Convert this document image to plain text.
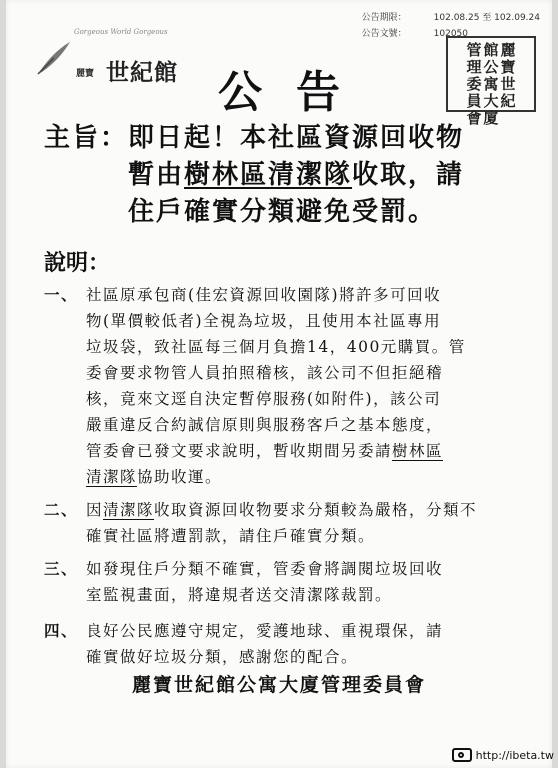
Gorgeous World Gorgeous
麗寶 世紀館
公告期限：	102.08.25 至 102.09.24
公告文號：	102050
麗
寶
世
紀
館
公
寓
大
廈
管
理
委
員
會
公告
主旨：即日起！本社區資源回收物
暫由樹林區清潔隊收取，請
住戶確實分類避免受罰。
說明：
一、 社區原承包商(佳宏資源回收園隊)將許多可回收
物(單價較低者)全視為垃圾，且使用本社區專用
垃圾袋，致社區每三個月負擔14，400元購買。管
委會要求物管人員拍照稽核，該公司不但拒絕稽
核，竟來文逕自決定暫停服務(如附件)，該公司
嚴重違反合約誠信原則與服務客戶之基本態度，
管委會已發文要求說明，暫收期間另委請樹林區
清潔隊協助收運。
二、 因清潔隊收取資源回收物要求分類較為嚴格，分類不
確實社區將遭罰款，請住戶確實分類。
三、 如發現住戶分類不確實，管委會將調閱垃圾回收
室監視畫面，將違規者送交清潔隊裁罰。
四、 良好公民應遵守規定，愛護地球、重視環保，請
確實做好垃圾分類，感謝您的配合。
麗寶世紀館公寓大廈管理委員會
http://ibeta.tw
